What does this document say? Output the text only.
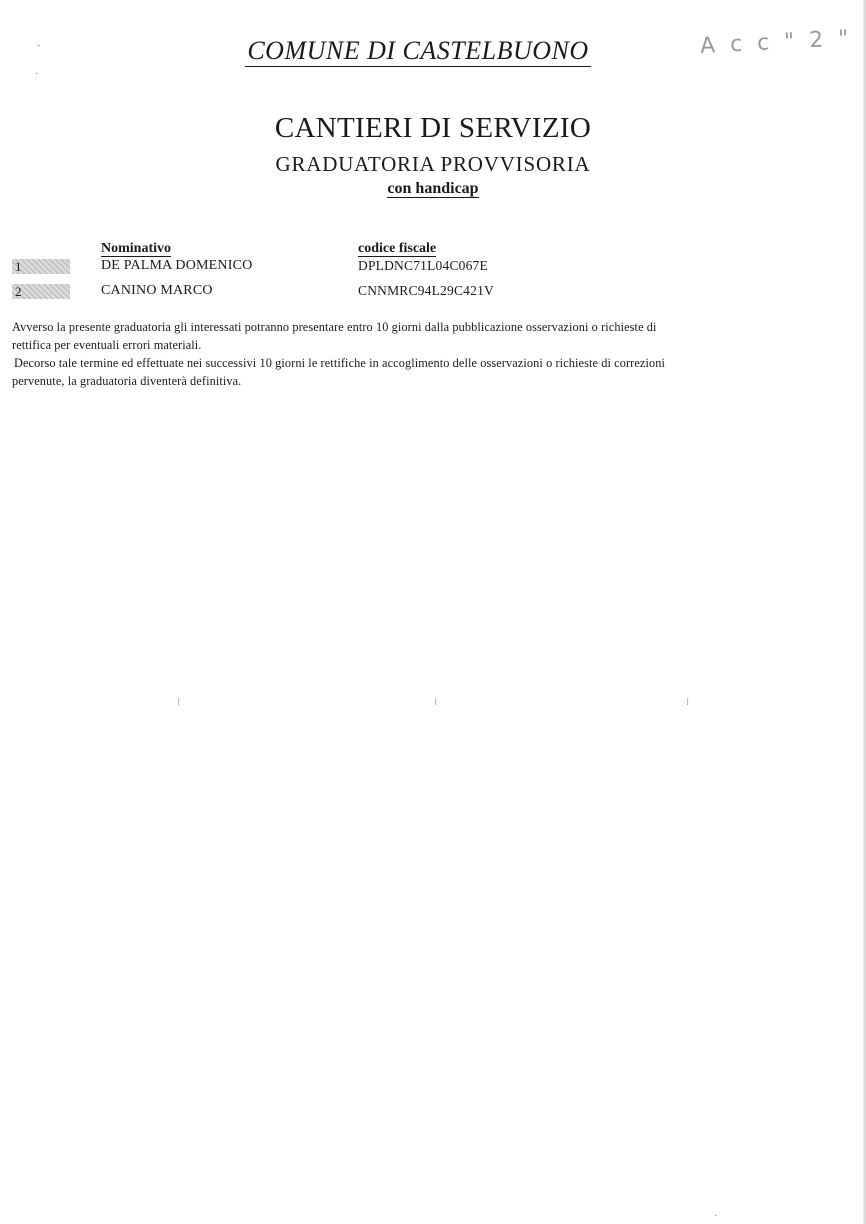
·
·
⁝	⁝	⁝
·
COMUNE DI CASTELBUONO	A c c " 2 "
CANTIERI DI SERVIZIO
GRADUATORIA PROVVISORIA
con handicap
Nominativo	codice fiscale
1	DE PALMA DOMENICO	DPLDNC71L04C067E
2	CANINO MARCO	CNNMRC94L29C421V
Avverso la presente graduatoria gli interessati potranno presentare entro 10 giorni dalla pubblicazione osservazioni o richieste di
rettifica per eventuali errori materiali.
Decorso tale termine ed effettuate nei successivi 10 giorni le rettifiche in accoglimento delle osservazioni o richieste di correzioni
pervenute, la graduatoria diventerà definitiva.
